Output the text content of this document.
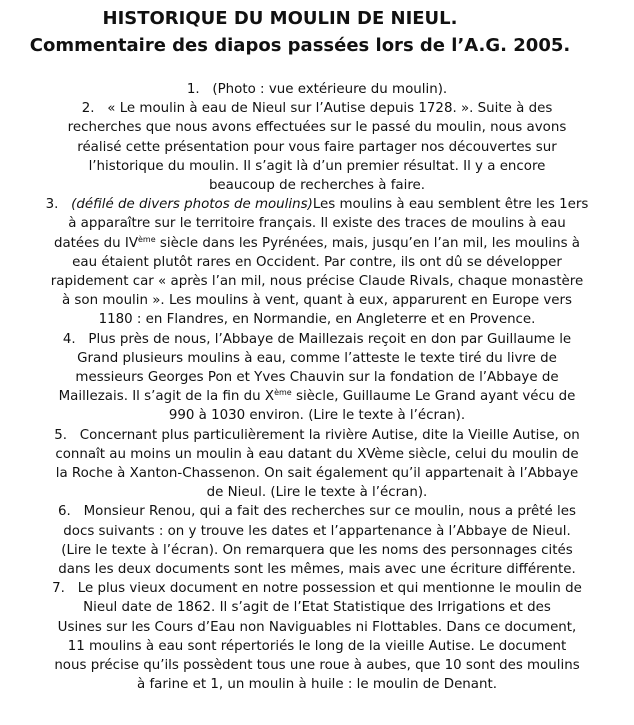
HISTORIQUE DU MOULIN DE NIEUL.
Commentaire des diapos passées lors de l’A.G. 2005.
1. (Photo : vue extérieure du moulin).
2. « Le moulin à eau de Nieul sur l’Autise depuis 1728. ». Suite à des
recherches que nous avons effectuées sur le passé du moulin, nous avons
réalisé cette présentation pour vous faire partager nos découvertes sur
l’historique du moulin. Il s’agit là d’un premier résultat. Il y a encore
beaucoup de recherches à faire.
3. (défilé de divers photos de moulins)Les moulins à eau semblent être les 1ers
à apparaître sur le territoire français. Il existe des traces de moulins à eau
datées du IVème siècle dans les Pyrénées, mais, jusqu’en l’an mil, les moulins à
eau étaient plutôt rares en Occident. Par contre, ils ont dû se développer
rapidement car « après l’an mil, nous précise Claude Rivals, chaque monastère
à son moulin ». Les moulins à vent, quant à eux, apparurent en Europe vers
1180 : en Flandres, en Normandie, en Angleterre et en Provence.
4. Plus près de nous, l’Abbaye de Maillezais reçoit en don par Guillaume le
Grand plusieurs moulins à eau, comme l’atteste le texte tiré du livre de
messieurs Georges Pon et Yves Chauvin sur la fondation de l’Abbaye de
Maillezais. Il s’agit de la fin du Xème siècle, Guillaume Le Grand ayant vécu de
990 à 1030 environ. (Lire le texte à l’écran).
5. Concernant plus particulièrement la rivière Autise, dite la Vieille Autise, on
connaît au moins un moulin à eau datant du XVème siècle, celui du moulin de
la Roche à Xanton-Chassenon. On sait également qu’il appartenait à l’Abbaye
de Nieul. (Lire le texte à l’écran).
6. Monsieur Renou, qui a fait des recherches sur ce moulin, nous a prêté les
docs suivants : on y trouve les dates et l’appartenance à l’Abbaye de Nieul.
(Lire le texte à l’écran). On remarquera que les noms des personnages cités
dans les deux documents sont les mêmes, mais avec une écriture différente.
7. Le plus vieux document en notre possession et qui mentionne le moulin de
Nieul date de 1862. Il s’agit de l’Etat Statistique des Irrigations et des
Usines sur les Cours d’Eau non Naviguables ni Flottables. Dans ce document,
11 moulins à eau sont répertoriés le long de la vieille Autise. Le document
nous précise qu’ils possèdent tous une roue à aubes, que 10 sont des moulins
à farine et 1, un moulin à huile : le moulin de Denant.
